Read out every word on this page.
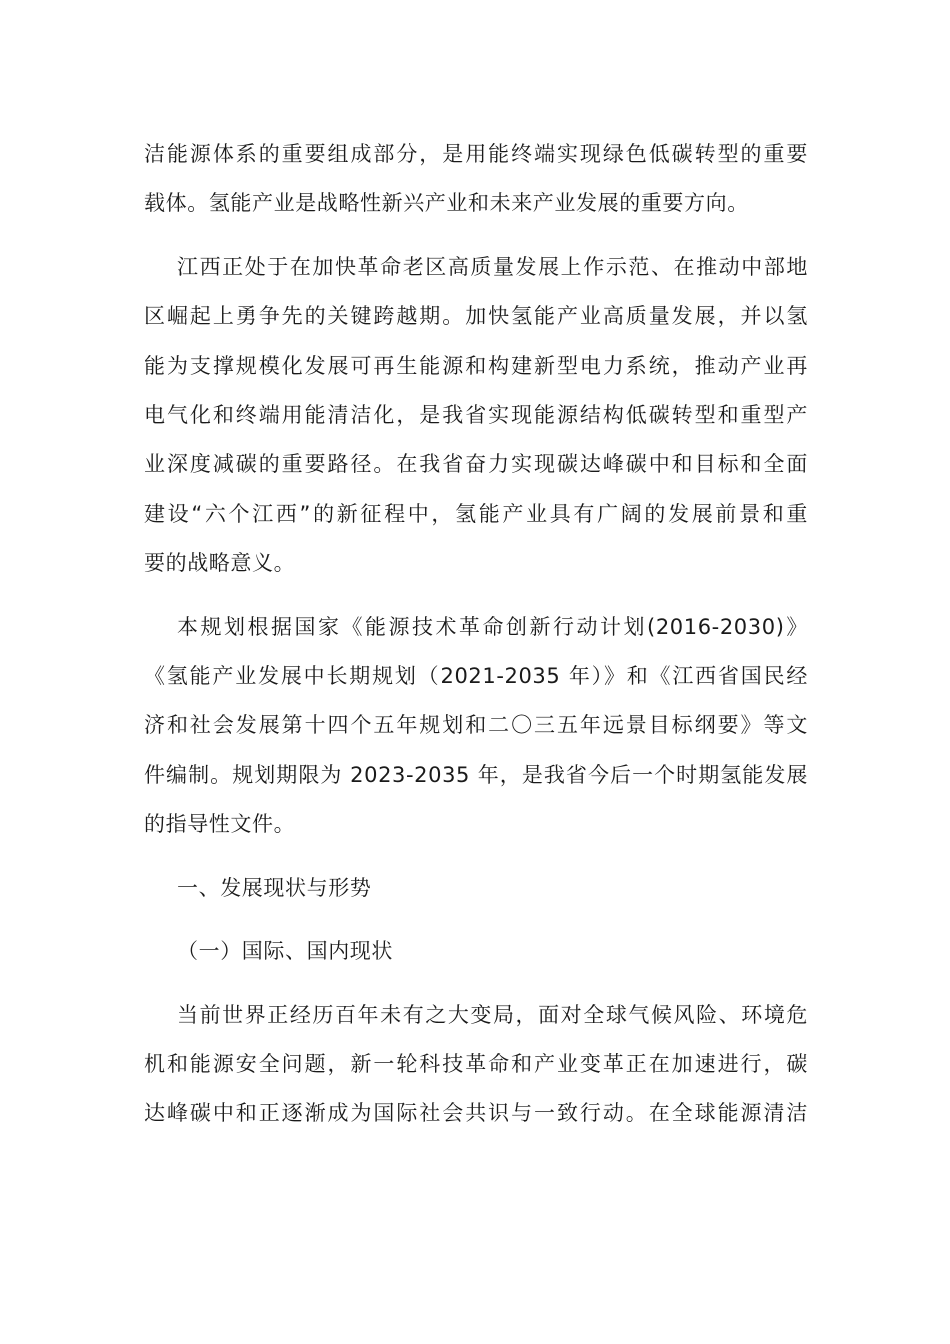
洁能源体系的重要组成部分，是用能终端实现绿色低碳转型的重要
载体。氢能产业是战略性新兴产业和未来产业发展的重要方向。
江西正处于在加快革命老区高质量发展上作示范、在推动中部地
区崛起上勇争先的关键跨越期。加快氢能产业高质量发展，并以氢
能为支撑规模化发展可再生能源和构建新型电力系统，推动产业再
电气化和终端用能清洁化，是我省实现能源结构低碳转型和重型产
业深度减碳的重要路径。在我省奋力实现碳达峰碳中和目标和全面
建设“六个江西”的新征程中，氢能产业具有广阔的发展前景和重
要的战略意义。
本规划根据国家《能源技术革命创新行动计划(2016-2030)》
《氢能产业发展中长期规划（2021-2035 年）》和《江西省国民经
济和社会发展第十四个五年规划和二〇三五年远景目标纲要》等文
件编制。规划期限为 2023-2035 年，是我省今后一个时期氢能发展
的指导性文件。
一、发展现状与形势
（一）国际、国内现状
当前世界正经历百年未有之大变局，面对全球气候风险、环境危
机和能源安全问题，新一轮科技革命和产业变革正在加速进行，碳
达峰碳中和正逐渐成为国际社会共识与一致行动。在全球能源清洁
